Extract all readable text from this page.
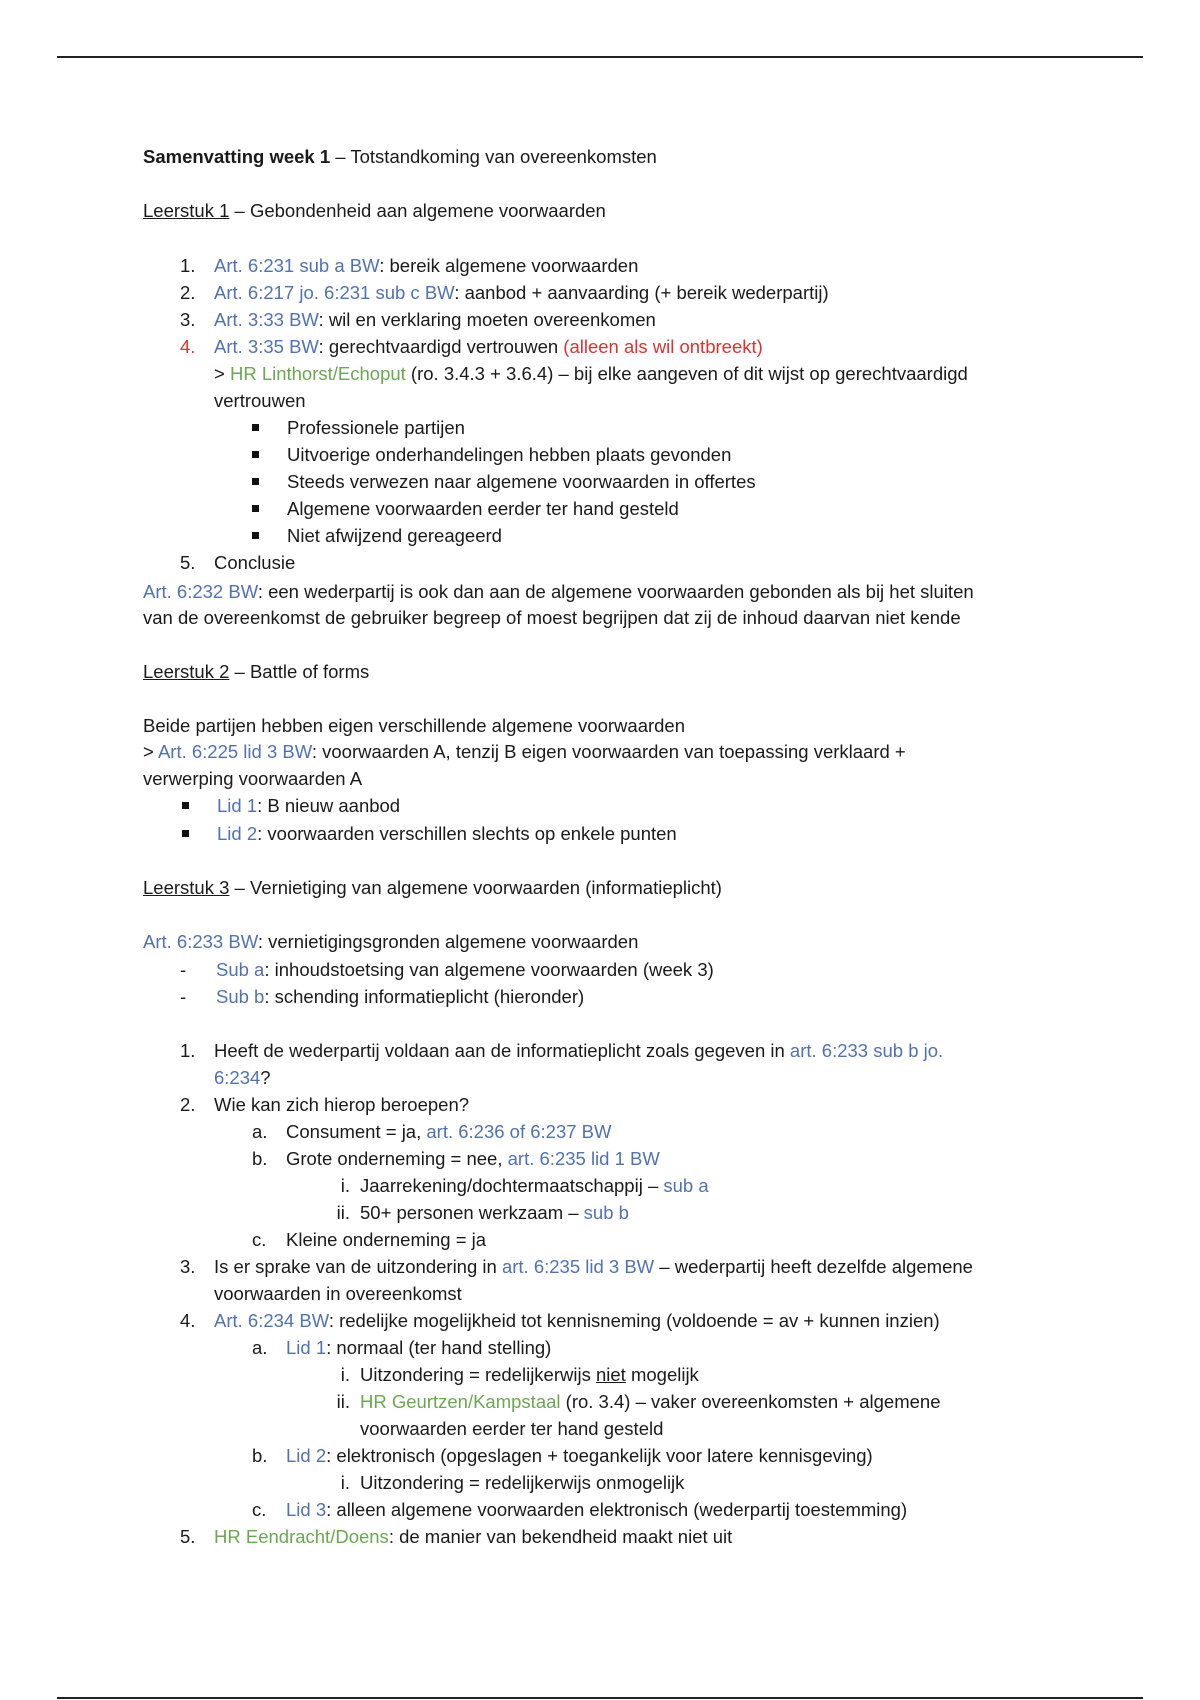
Samenvatting week 1 – Totstandkoming van overeenkomsten
Leerstuk 1 – Gebondenheid aan algemene voorwaarden
1. Art. 6:231 sub a BW: bereik algemene voorwaarden
2. Art. 6:217 jo. 6:231 sub c BW: aanbod + aanvaarding (+ bereik wederpartij)
3. Art. 3:33 BW: wil en verklaring moeten overeenkomen
4. Art. 3:35 BW: gerechtvaardigd vertrouwen (alleen als wil ontbreekt)
> HR Linthorst/Echoput (ro. 3.4.3 + 3.6.4) – bij elke aangeven of dit wijst op gerechtvaardigd
vertrouwen
Professionele partijen
Uitvoerige onderhandelingen hebben plaats gevonden
Steeds verwezen naar algemene voorwaarden in offertes
Algemene voorwaarden eerder ter hand gesteld
Niet afwijzend gereageerd
5. Conclusie
Art. 6:232 BW: een wederpartij is ook dan aan de algemene voorwaarden gebonden als bij het sluiten
van de overeenkomst de gebruiker begreep of moest begrijpen dat zij de inhoud daarvan niet kende
Leerstuk 2 – Battle of forms
Beide partijen hebben eigen verschillende algemene voorwaarden
> Art. 6:225 lid 3 BW: voorwaarden A, tenzij B eigen voorwaarden van toepassing verklaard +
verwerping voorwaarden A
Lid 1: B nieuw aanbod
Lid 2: voorwaarden verschillen slechts op enkele punten
Leerstuk 3 – Vernietiging van algemene voorwaarden (informatieplicht)
Art. 6:233 BW: vernietigingsgronden algemene voorwaarden
- Sub a: inhoudstoetsing van algemene voorwaarden (week 3)
- Sub b: schending informatieplicht (hieronder)
1. Heeft de wederpartij voldaan aan de informatieplicht zoals gegeven in art. 6:233 sub b jo.
6:234?
2. Wie kan zich hierop beroepen?
a. Consument = ja, art. 6:236 of 6:237 BW
b. Grote onderneming = nee, art. 6:235 lid 1 BW
i. Jaarrekening/dochtermaatschappij – sub a
ii. 50+ personen werkzaam – sub b
c. Kleine onderneming = ja
3. Is er sprake van de uitzondering in art. 6:235 lid 3 BW – wederpartij heeft dezelfde algemene
voorwaarden in overeenkomst
4. Art. 6:234 BW: redelijke mogelijkheid tot kennisneming (voldoende = av + kunnen inzien)
a. Lid 1: normaal (ter hand stelling)
i. Uitzondering = redelijkerwijs niet mogelijk
ii. HR Geurtzen/Kampstaal (ro. 3.4) – vaker overeenkomsten + algemene
voorwaarden eerder ter hand gesteld
b. Lid 2: elektronisch (opgeslagen + toegankelijk voor latere kennisgeving)
i. Uitzondering = redelijkerwijs onmogelijk
c. Lid 3: alleen algemene voorwaarden elektronisch (wederpartij toestemming)
5. HR Eendracht/Doens: de manier van bekendheid maakt niet uit
